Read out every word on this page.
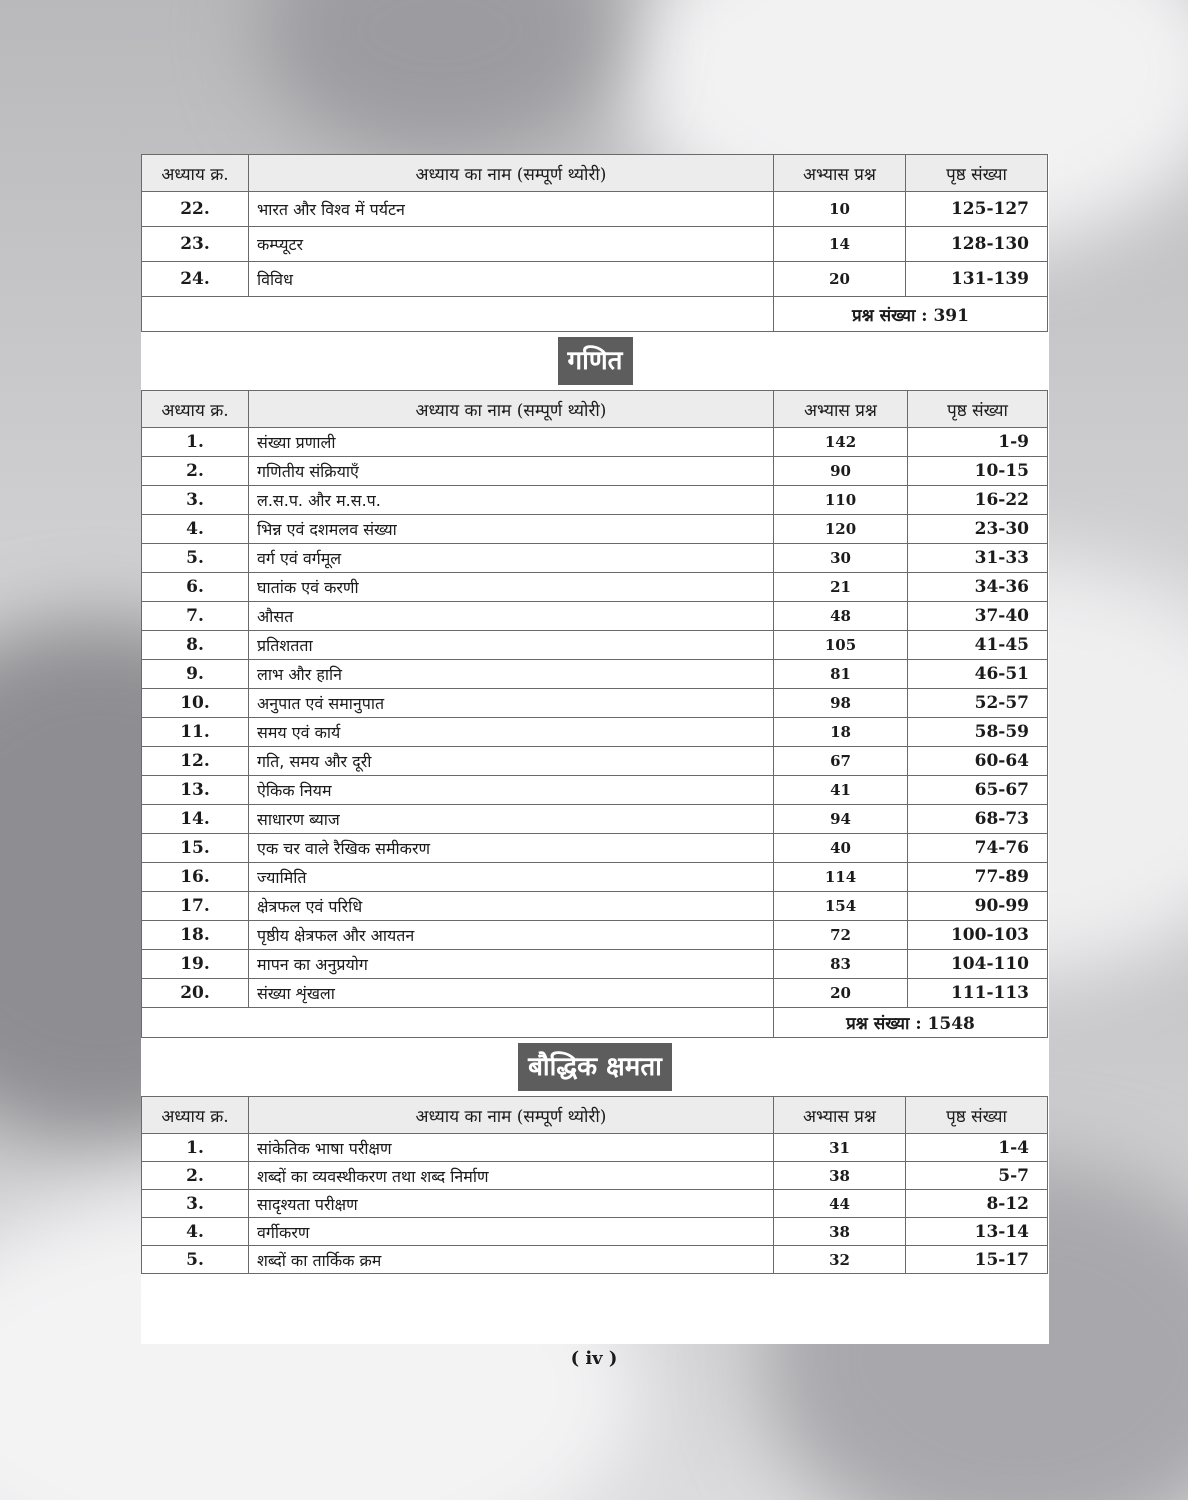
अध्याय क्र.	अध्याय का नाम (सम्पूर्ण थ्योरी)	अभ्यास प्रश्न	पृष्ठ संख्या
22.	भारत और विश्व में पर्यटन	10	125-127
23.	कम्प्यूटर	14	128-130
24.	विविध	20	131-139
		प्रश्न संख्या : 391	
गणित
अध्याय क्र.	अध्याय का नाम (सम्पूर्ण थ्योरी)	अभ्यास प्रश्न	पृष्ठ संख्या
1.	संख्या प्रणाली	142	1-9
2.	गणितीय संक्रियाएँ	90	10-15
3.	ल.स.प. और म.स.प.	110	16-22
4.	भिन्न एवं दशमलव संख्या	120	23-30
5.	वर्ग एवं वर्गमूल	30	31-33
6.	घातांक एवं करणी	21	34-36
7.	औसत	48	37-40
8.	प्रतिशतता	105	41-45
9.	लाभ और हानि	81	46-51
10.	अनुपात एवं समानुपात	98	52-57
11.	समय एवं कार्य	18	58-59
12.	गति, समय और दूरी	67	60-64
13.	ऐकिक नियम	41	65-67
14.	साधारण ब्याज	94	68-73
15.	एक चर वाले रैखिक समीकरण	40	74-76
16.	ज्यामिति	114	77-89
17.	क्षेत्रफल एवं परिधि	154	90-99
18.	पृष्ठीय क्षेत्रफल और आयतन	72	100-103
19.	मापन का अनुप्रयोग	83	104-110
20.	संख्या शृंखला	20	111-113
		प्रश्न संख्या : 1548	
बौद्धिक क्षमता
अध्याय क्र.	अध्याय का नाम (सम्पूर्ण थ्योरी)	अभ्यास प्रश्न	पृष्ठ संख्या
1.	सांकेतिक भाषा परीक्षण	31	1-4
2.	शब्दों का व्यवस्थीकरण तथा शब्द निर्माण	38	5-7
3.	सादृश्यता परीक्षण	44	8-12
4.	वर्गीकरण	38	13-14
5.	शब्दों का तार्किक क्रम	32	15-17
( iv )
